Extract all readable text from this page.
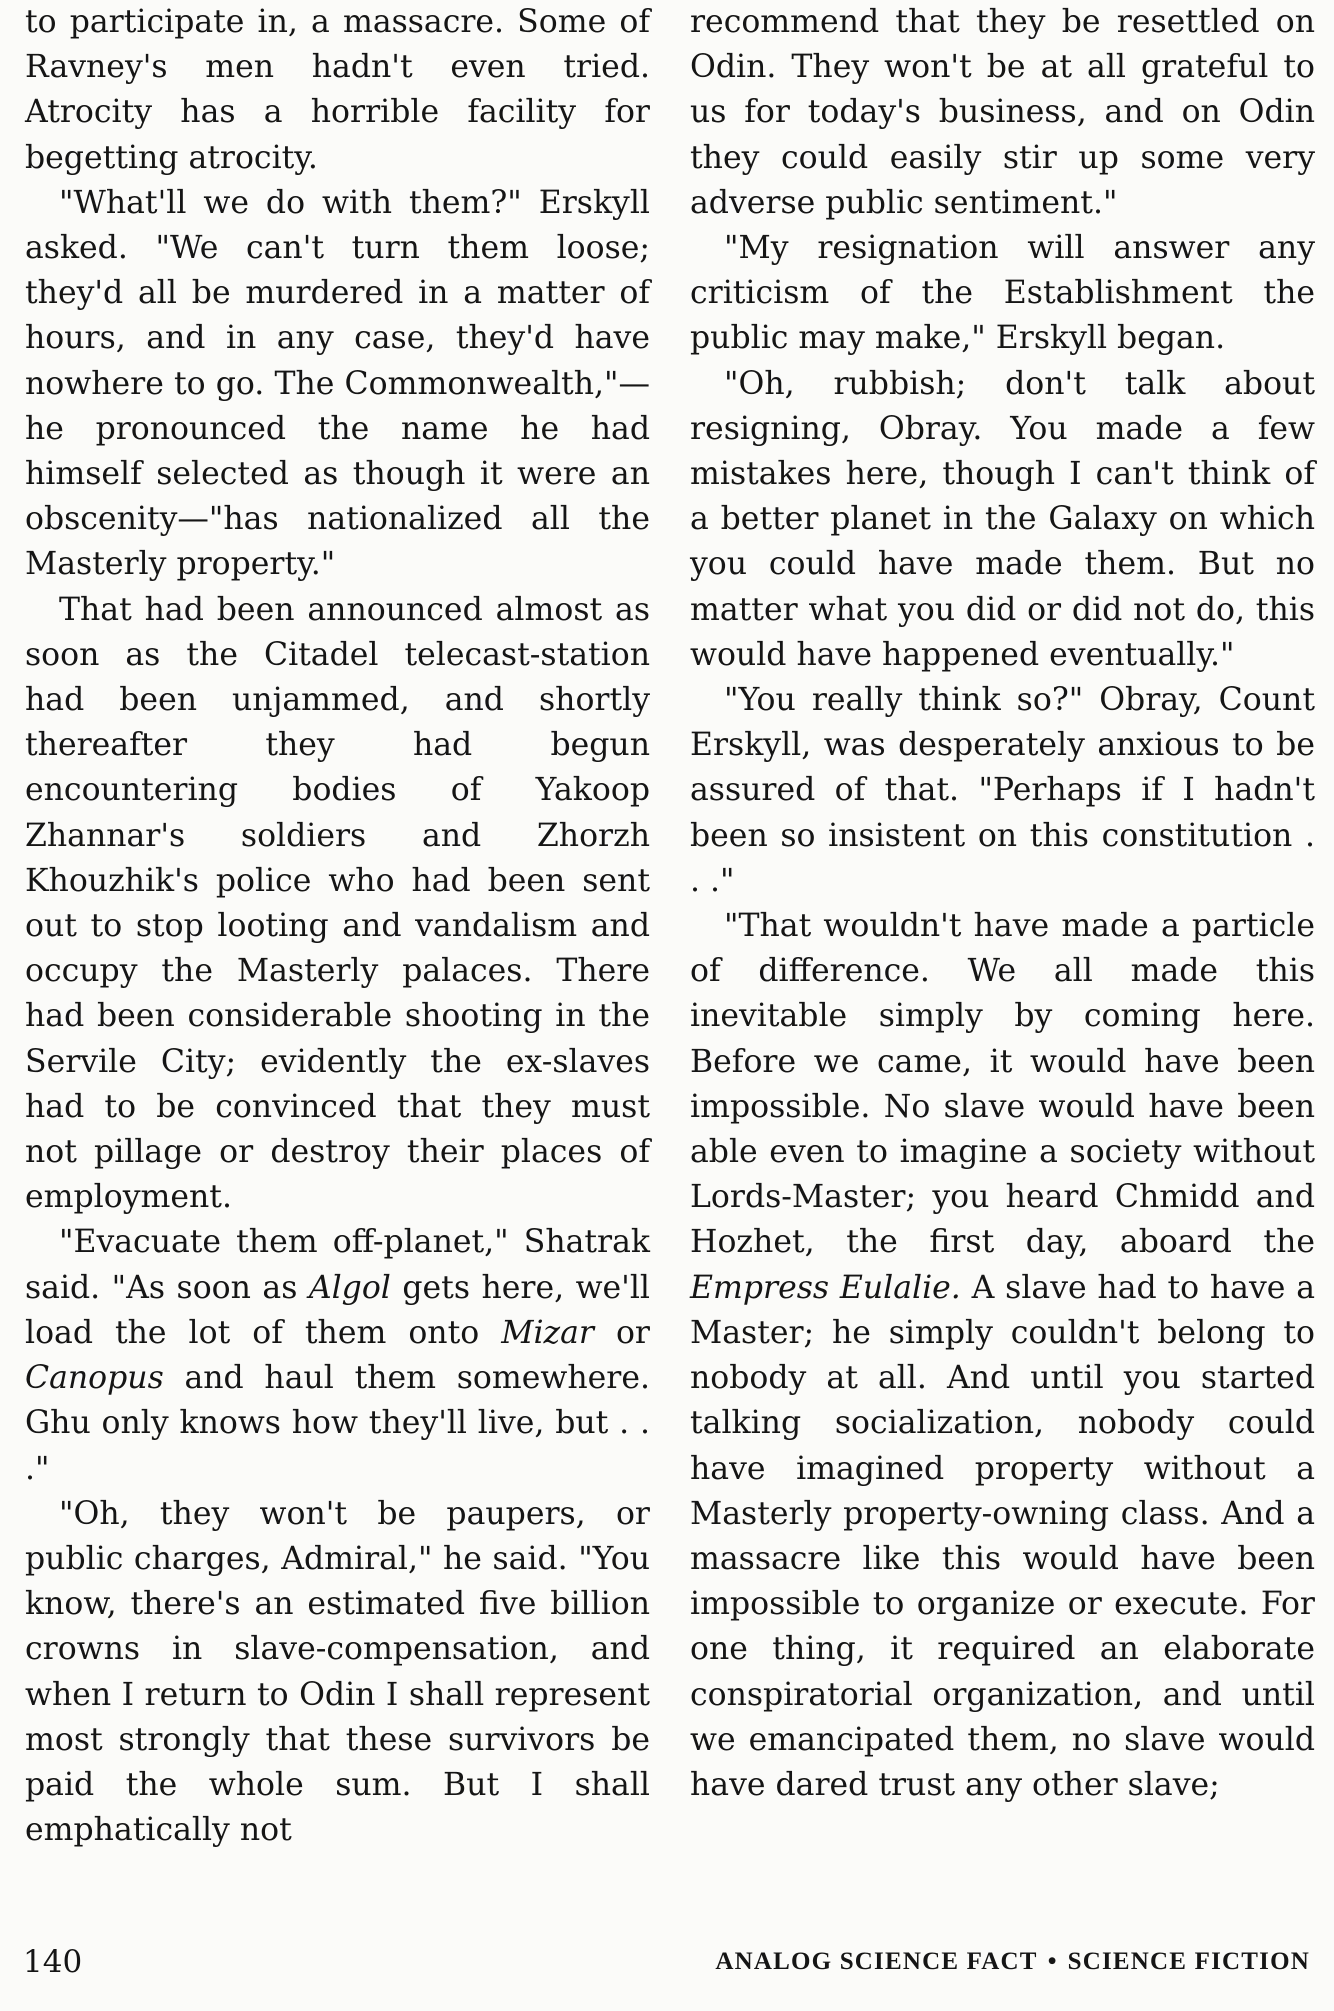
to participate in, a massacre. Some of Ravney's men hadn't even tried. Atrocity has a horrible facility for begetting atrocity.

"What'll we do with them?" Erskyll asked. "We can't turn them loose; they'd all be murdered in a matter of hours, and in any case, they'd have nowhere to go. The Commonwealth,"—he pronounced the name he had himself selected as though it were an obscenity—"has nationalized all the Masterly property."

That had been announced almost as soon as the Citadel telecast-station had been unjammed, and shortly thereafter they had begun encountering bodies of Yakoop Zhannar's soldiers and Zhorzh Khouzhik's police who had been sent out to stop looting and vandalism and occupy the Masterly palaces. There had been considerable shooting in the Servile City; evidently the ex-slaves had to be convinced that they must not pillage or destroy their places of employment.

"Evacuate them off-planet," Shatrak said. "As soon as Algol gets here, we'll load the lot of them onto Mizar or Canopus and haul them somewhere. Ghu only knows how they'll live, but . . ."

"Oh, they won't be paupers, or public charges, Admiral," he said. "You know, there's an estimated five billion crowns in slave-compensation, and when I return to Odin I shall represent most strongly that these survivors be paid the whole sum. But I shall emphatically not

recommend that they be resettled on Odin. They won't be at all grateful to us for today's business, and on Odin they could easily stir up some very adverse public sentiment."

"My resignation will answer any criticism of the Establishment the public may make," Erskyll began.

"Oh, rubbish; don't talk about resigning, Obray. You made a few mistakes here, though I can't think of a better planet in the Galaxy on which you could have made them. But no matter what you did or did not do, this would have happened eventually."

"You really think so?" Obray, Count Erskyll, was desperately anxious to be assured of that. "Perhaps if I hadn't been so insistent on this constitution . . ."

"That wouldn't have made a particle of difference. We all made this inevitable simply by coming here. Before we came, it would have been impossible. No slave would have been able even to imagine a society without Lords-Master; you heard Chmidd and Hozhet, the first day, aboard the Empress Eulalie. A slave had to have a Master; he simply couldn't belong to nobody at all. And until you started talking socialization, nobody could have imagined property without a Masterly property-owning class. And a massacre like this would have been impossible to organize or execute. For one thing, it required an elaborate conspiratorial organization, and until we emancipated them, no slave would have dared trust any other slave;

140	ANALOG SCIENCE FACT • SCIENCE FICTION
